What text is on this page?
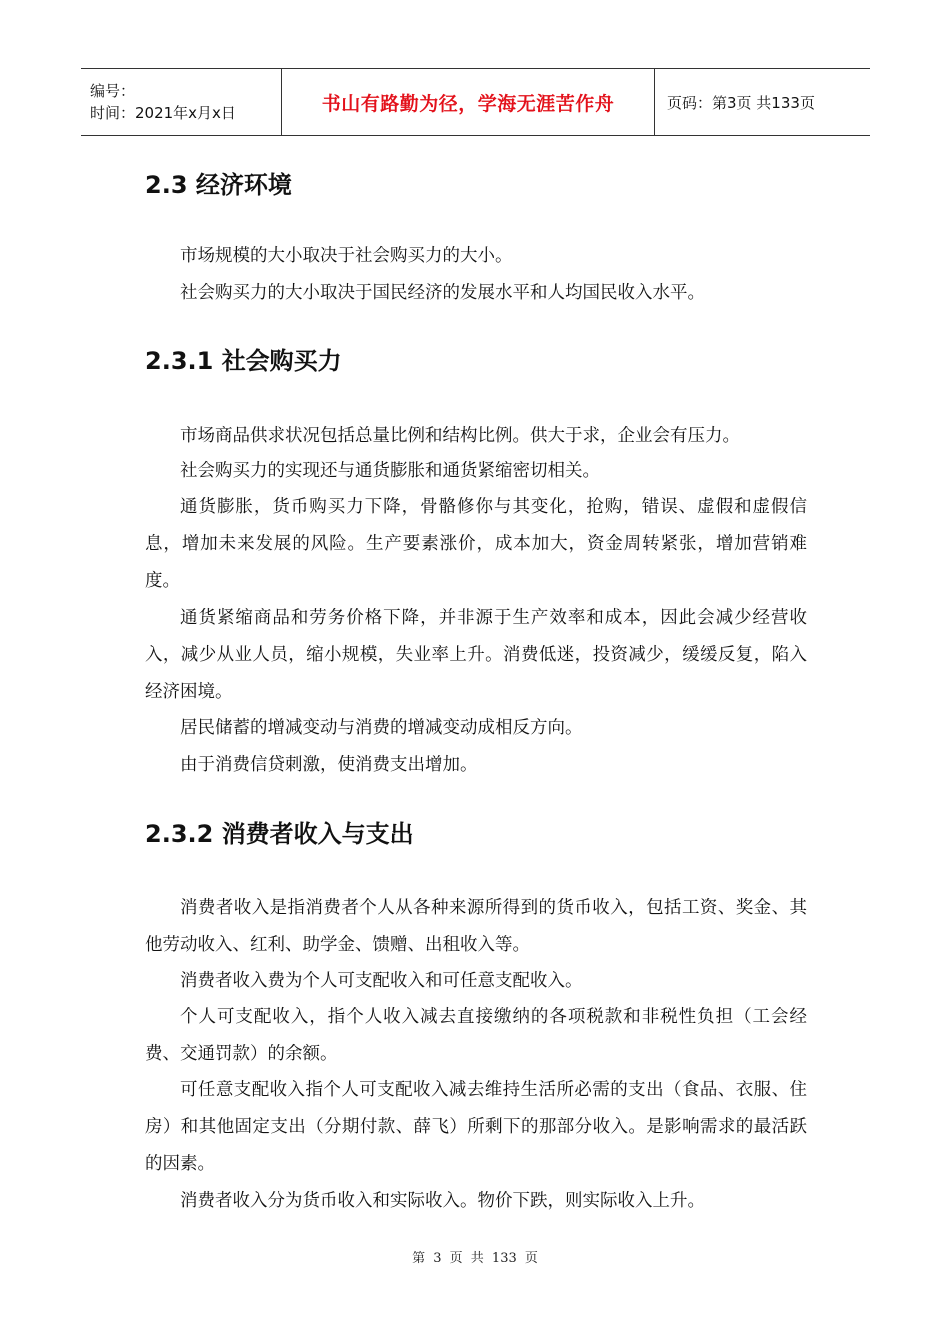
编号：
时间：2021年x月x日	书山有路勤为径，学海无涯苦作舟	页码：第3页 共133页
2.3 经济环境

市场规模的大小取决于社会购买力的大小。

社会购买力的大小取决于国民经济的发展水平和人均国民收入水平。

2.3.1 社会购买力

市场商品供求状况包括总量比例和结构比例。供大于求，企业会有压力。

社会购买力的实现还与通货膨胀和通货紧缩密切相关。

通货膨胀，货币购买力下降，骨骼修你与其变化，抢购，错误、虚假和虚假信息，增加未来发展的风险。生产要素涨价，成本加大，资金周转紧张，增加营销难度。

通货紧缩商品和劳务价格下降，并非源于生产效率和成本，因此会减少经营收入，减少从业人员，缩小规模，失业率上升。消费低迷，投资减少，缓缓反复，陷入经济困境。

居民储蓄的增减变动与消费的增减变动成相反方向。

由于消费信贷刺激，使消费支出增加。

2.3.2 消费者收入与支出

消费者收入是指消费者个人从各种来源所得到的货币收入，包括工资、奖金、其他劳动收入、红利、助学金、馈赠、出租收入等。

消费者收入费为个人可支配收入和可任意支配收入。

个人可支配收入，指个人收入减去直接缴纳的各项税款和非税性负担（工会经费、交通罚款）的余额。

可任意支配收入指个人可支配收入减去维持生活所必需的支出（食品、衣服、住房）和其他固定支出（分期付款、薛飞）所剩下的那部分收入。是影响需求的最活跃的因素。

消费者收入分为货币收入和实际收入。物价下跌，则实际收入上升。

第 3 页 共 133 页
